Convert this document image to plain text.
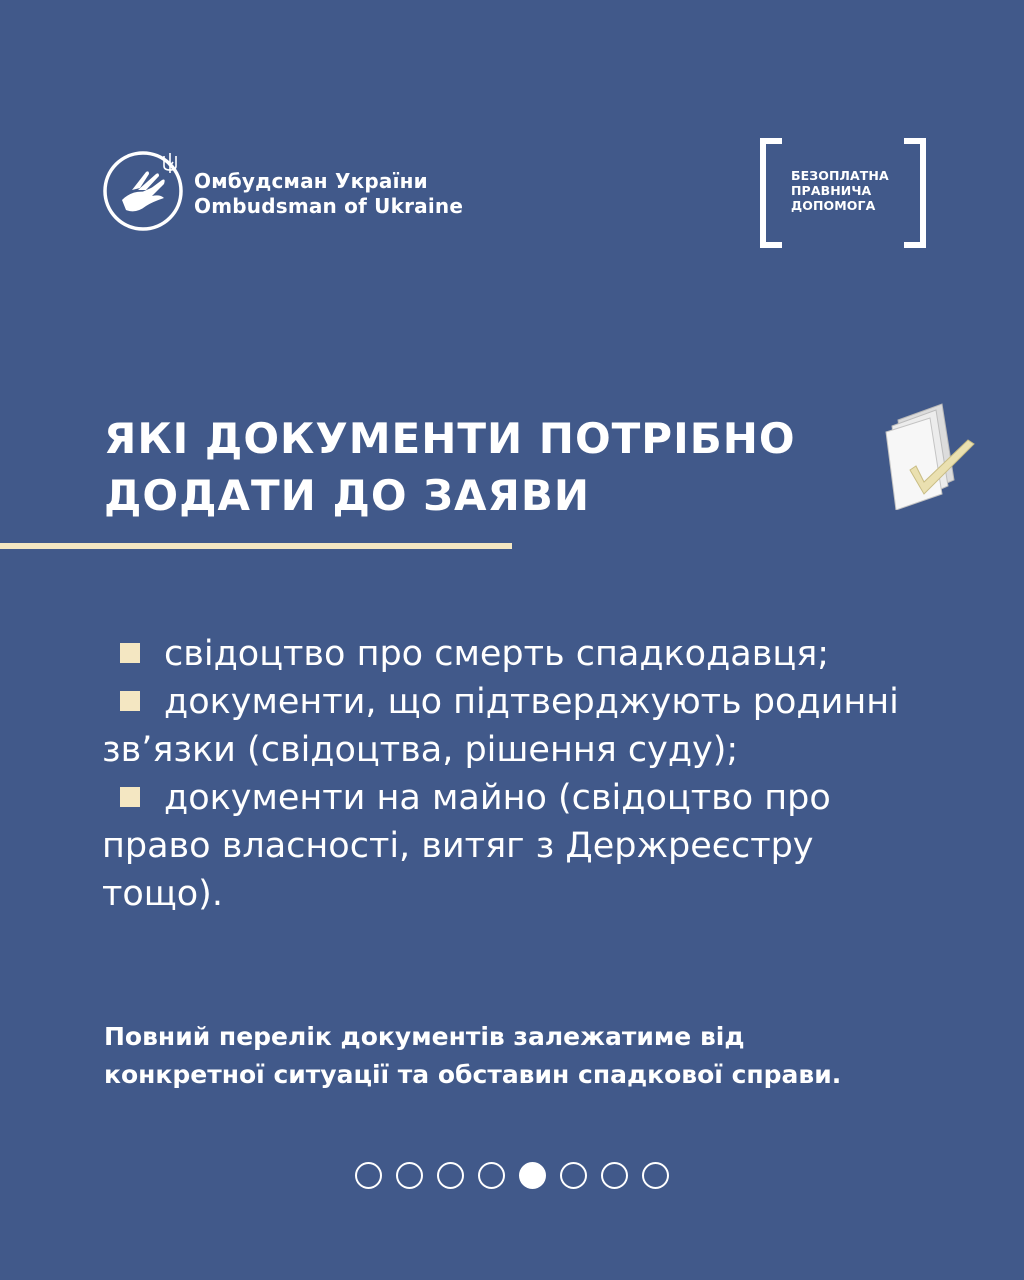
Омбудсман України
Ombudsman of Ukraine
БЕЗОПЛАТНА
ПРАВНИЧА
ДОПОМОГА
ЯКІ ДОКУМЕНТИ ПОТРІБНО
ДОДАТИ ДО ЗАЯВИ

свідоцтво про смерть спадкодавця;

документи, що підтверджують родинні зв’язки (свідоцтва, рішення суду);

документи на майно (свідоцтво про право власності, витяг з Держреєстру тощо).

Повний перелік документів залежатиме від
конкретної ситуації та обставин спадкової справи.
